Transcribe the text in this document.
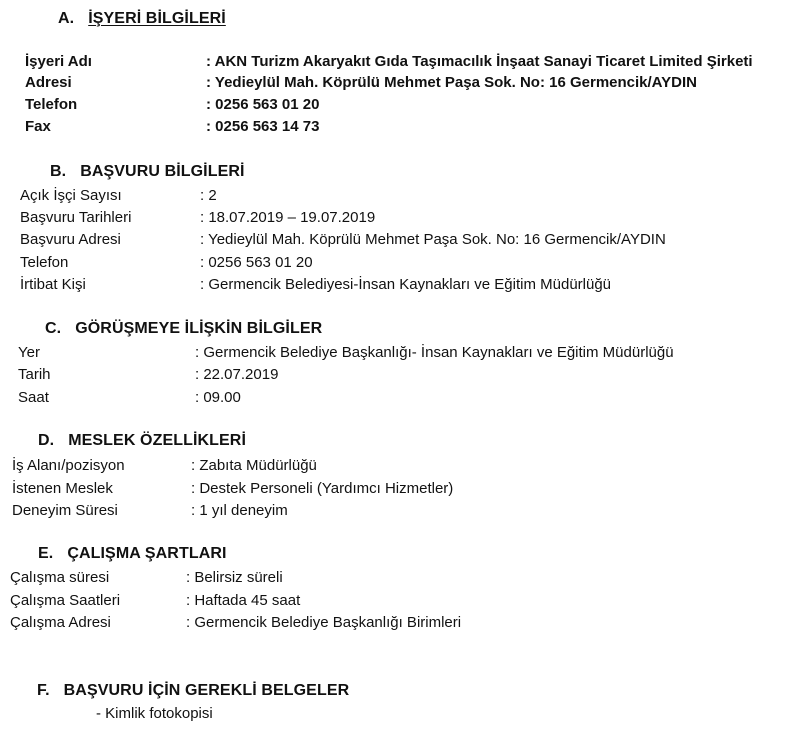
A. İŞYERİ BİLGİLERİ
İşyeri Adı	: AKN Turizm Akaryakıt Gıda Taşımacılık İnşaat Sanayi Ticaret Limited Şirketi
Adresi	: Yedieylül Mah. Köprülü Mehmet Paşa Sok. No: 16 Germencik/AYDIN
Telefon	: 0256 563 01 20
Fax	: 0256 563 14 73
B. BAŞVURU BİLGİLERİ
Açık İşçi Sayısı	: 2
Başvuru Tarihleri	: 18.07.2019 – 19.07.2019
Başvuru Adresi	: Yedieylül Mah. Köprülü Mehmet Paşa Sok. No: 16 Germencik/AYDIN
Telefon	: 0256 563 01 20
İrtibat Kişi	: Germencik Belediyesi-İnsan Kaynakları ve Eğitim Müdürlüğü
C. GÖRÜŞMEYE İLİŞKİN BİLGİLER
Yer	: Germencik Belediye Başkanlığı- İnsan Kaynakları ve Eğitim Müdürlüğü
Tarih	: 22.07.2019
Saat	: 09.00
D. MESLEK ÖZELLİKLERİ
İş Alanı/pozisyon	: Zabıta Müdürlüğü
İstenen Meslek	: Destek Personeli (Yardımcı Hizmetler)
Deneyim Süresi	: 1 yıl deneyim
E. ÇALIŞMA ŞARTLARI
Çalışma süresi	: Belirsiz süreli
Çalışma Saatleri	: Haftada 45 saat
Çalışma Adresi	: Germencik Belediye Başkanlığı Birimleri
F. BAŞVURU İÇİN GEREKLİ BELGELER
- Kimlik fotokopisi
